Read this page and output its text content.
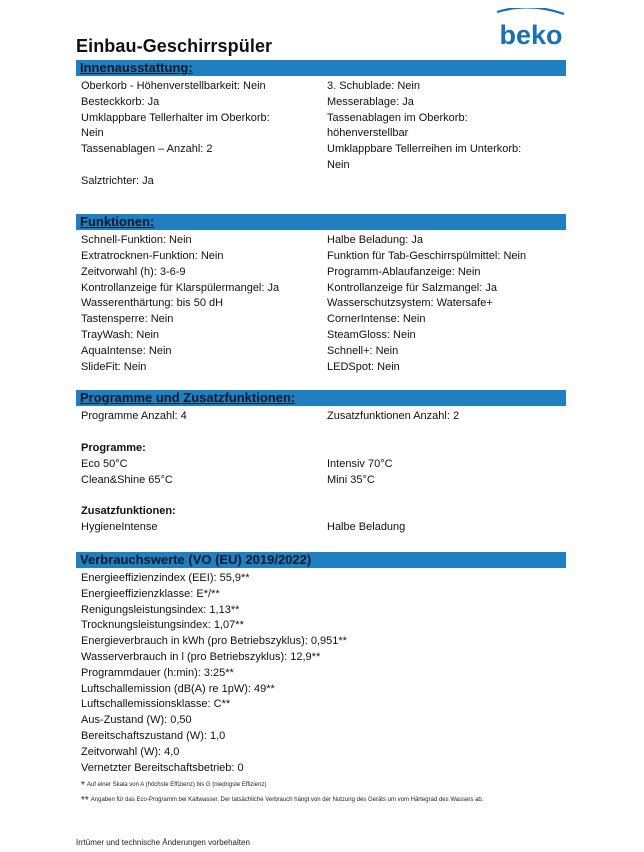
beko
Einbau-Geschirrspüler
Innenausstattung:
Oberkorb - Höhenverstellbarkeit: Nein
Besteckkorb: Ja
Umklappbare Tellerhalter im Oberkorb:
Nein
Tassenablagen – Anzahl: 2
Salztrichter: Ja
3. Schublade: Nein
Messerablage: Ja
Tassenablagen im Oberkorb:
höhenverstellbar
Umklappbare Tellerreihen im Unterkorb:
Nein
Funktionen:
Schnell-Funktion: Nein
Extratrocknen-Funktion: Nein
Zeitvorwahl (h): 3-6-9
Kontrollanzeige für Klarspülermangel: Ja
Wasserenthärtung: bis 50 dH
Tastensperre: Nein
TrayWash: Nein
AquaIntense: Nein
SlideFit: Nein
Halbe Beladung: Ja
Funktion für Tab-Geschirrspülmittel: Nein
Programm-Ablaufanzeige: Nein
Kontrollanzeige für Salzmangel: Ja
Wasserschutzsystem: Watersafe+
CornerIntense: Nein
SteamGloss: Nein
Schnell+: Nein
LEDSpot: Nein
Programme und Zusatzfunktionen:
Programme Anzahl: 4	Zusatzfunktionen Anzahl: 2
Programme:
Eco 50°C
Clean&Shine 65°C
Intensiv 70°C
Mini 35°C
Zusatzfunktionen:
HygieneIntense	Halbe Beladung
Verbrauchswerte (VO (EU) 2019/2022)
Energieeffizienzindex (EEI): 55,9**
Energieeffizienzklasse: E*/**
Renigungsleistungsindex: 1,13**
Trocknungsleistungsindex: 1,07**
Energieverbrauch in kWh (pro Betriebszyklus): 0,951**
Wasserverbrauch in l (pro Betriebszyklus): 12,9**
Programmdauer (h:min): 3:25**
Luftschallemission (dB(A) re 1pW): 49**
Luftschallemissionsklasse: C**
Aus-Zustand (W): 0,50
Bereitschaftszustand (W): 1,0
Zeitvorwahl (W): 4,0
Vernetzter Bereitschaftsbetrieb: 0
* Auf einer Skala von A (höchste Effizienz) bis G (niedrigste Effizienz)
** Angaben für das Eco-Programm bei Kaltwasser. Der tatsächliche Verbrauch hängt von der Nutzung des Geräts um vom Härtegrad des Wassers ab.
Irrtümer und technische Änderungen vorbehalten
